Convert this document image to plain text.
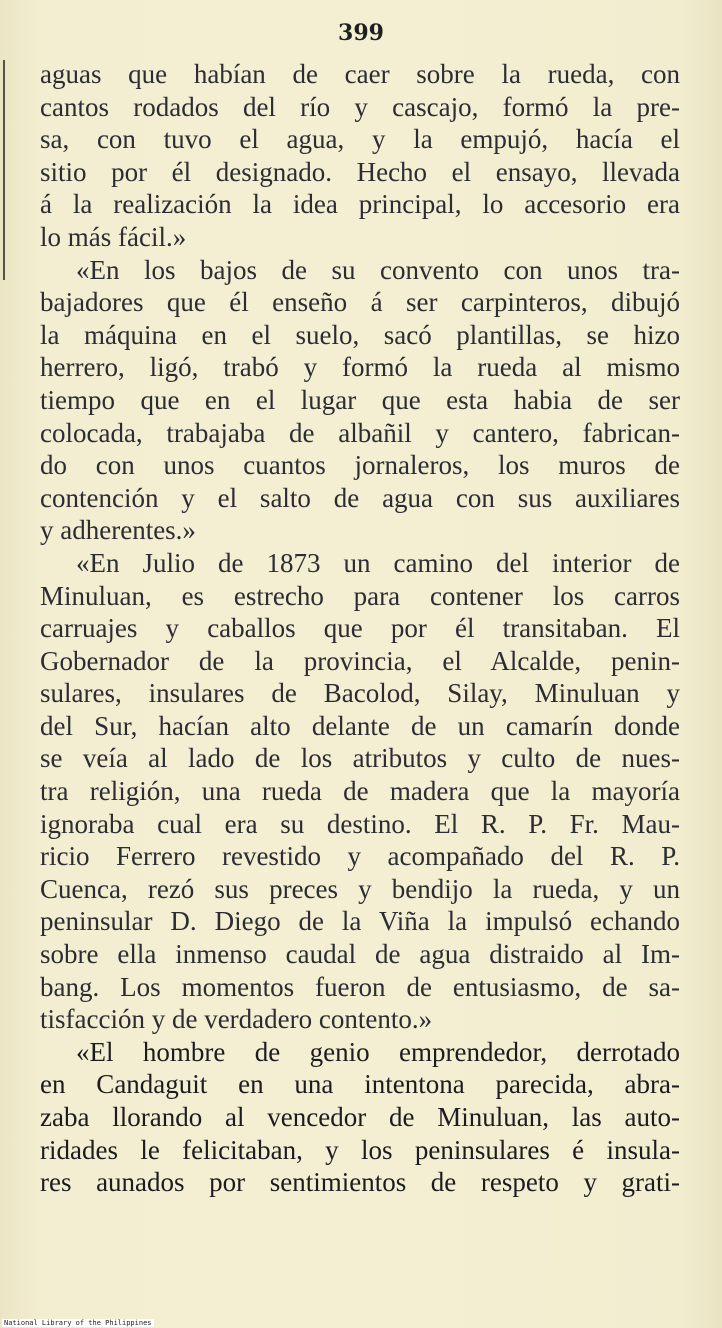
399
aguas que habían de caer sobre la rueda, con
cantos rodados del río y cascajo, formó la pre-
sa, con tuvo el agua, y la empujó, hacía el
sitio por él designado. Hecho el ensayo, llevada
á la realización la idea principal, lo accesorio era
lo más fácil.»
«En los bajos de su convento con unos tra-
bajadores que él enseño á ser carpinteros, dibujó
la máquina en el suelo, sacó plantillas, se hizo
herrero, ligó, trabó y formó la rueda al mismo
tiempo que en el lugar que esta habia de ser
colocada, trabajaba de albañil y cantero, fabrican-
do con unos cuantos jornaleros, los muros de
contención y el salto de agua con sus auxiliares
y adherentes.»
«En Julio de 1873 un camino del interior de
Minuluan, es estrecho para contener los carros
carruajes y caballos que por él transitaban. El
Gobernador de la provincia, el Alcalde, penin-
sulares, insulares de Bacolod, Silay, Minuluan y
del Sur, hacían alto delante de un camarín donde
se veía al lado de los atributos y culto de nues-
tra religión, una rueda de madera que la mayoría
ignoraba cual era su destino. El R. P. Fr. Mau-
ricio Ferrero revestido y acompañado del R. P.
Cuenca, rezó sus preces y bendijo la rueda, y un
peninsular D. Diego de la Viña la impulsó echando
sobre ella inmenso caudal de agua distraido al Im-
bang. Los momentos fueron de entusiasmo, de sa-
tisfacción y de verdadero contento.»
«El hombre de genio emprendedor, derrotado
en Candaguit en una intentona parecida, abra-
zaba llorando al vencedor de Minuluan, las auto-
ridades le felicitaban, y los peninsulares é insula-
res aunados por sentimientos de respeto y grati-
National Library of the Philippines
